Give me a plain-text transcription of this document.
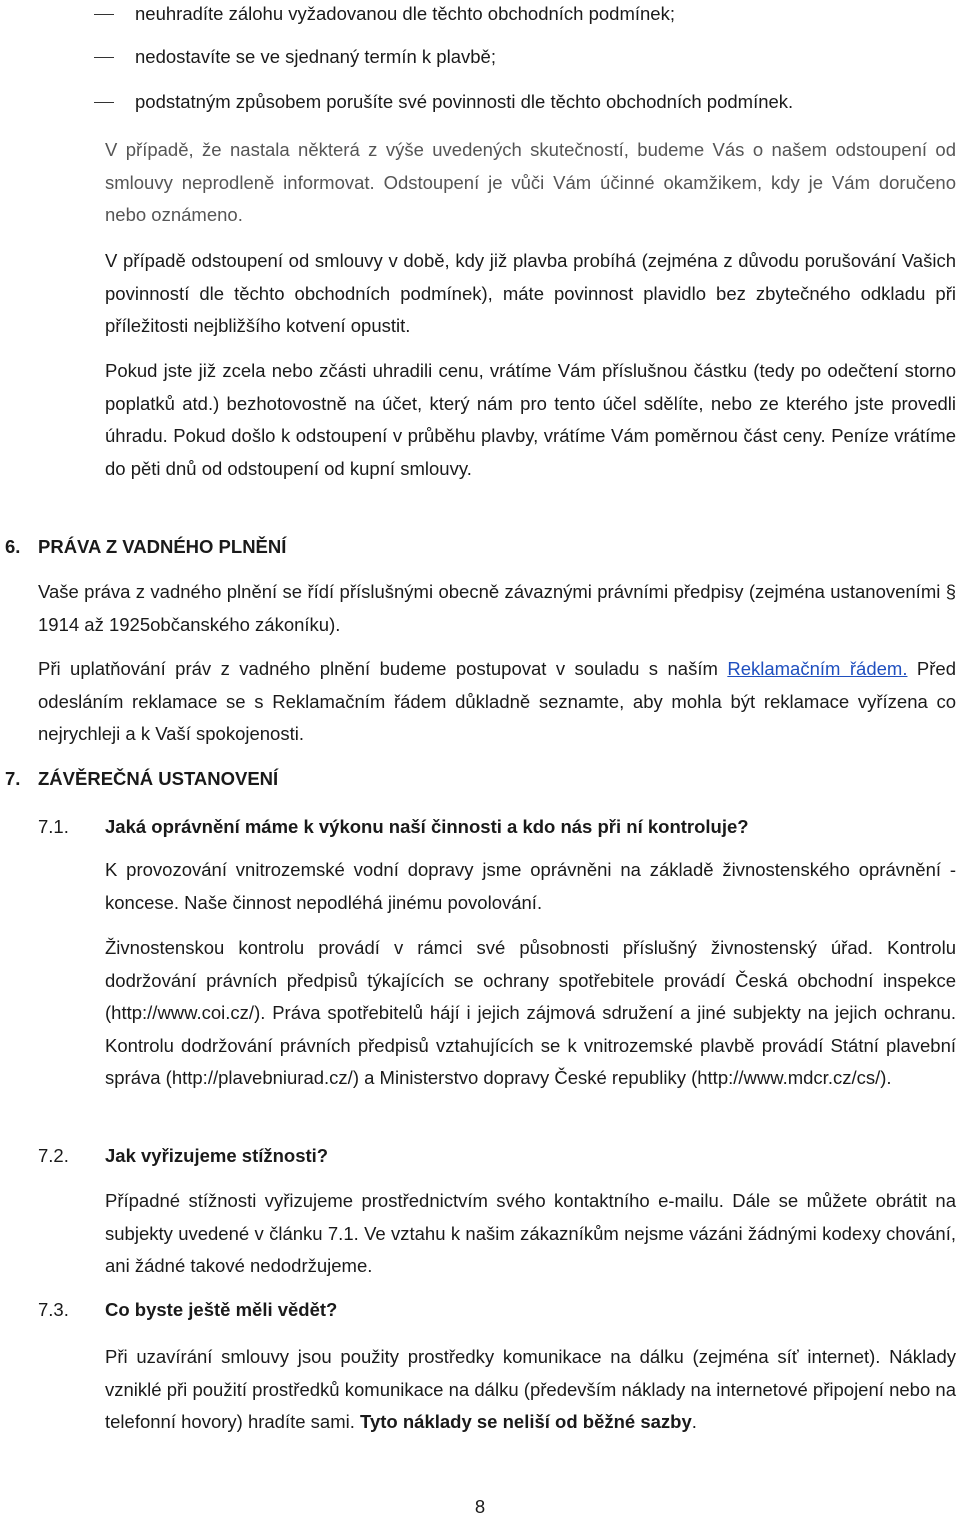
neuhradíte zálohu vyžadovanou dle těchto obchodních podmínek;
nedostavíte se ve sjednaný termín k plavbě;
podstatným způsobem porušíte své povinnosti dle těchto obchodních podmínek.
V případě, že nastala některá z výše uvedených skutečností, budeme Vás o našem odstoupení od smlouvy neprodleně informovat. Odstoupení je vůči Vám účinné okamžikem, kdy je Vám doručeno nebo oznámeno.
V případě odstoupení od smlouvy v době, kdy již plavba probíhá (zejména z důvodu porušování Vašich povinností dle těchto obchodních podmínek), máte povinnost plavidlo bez zbytečného odkladu při příležitosti nejbližšího kotvení opustit.
Pokud jste již zcela nebo zčásti uhradili cenu, vrátíme Vám příslušnou částku (tedy po odečtení storno poplatků atd.) bezhotovostně na účet, který nám pro tento účel sdělíte, nebo ze kterého jste provedli úhradu. Pokud došlo k odstoupení v průběhu plavby, vrátíme Vám poměrnou část ceny. Peníze vrátíme do pěti dnů od odstoupení od kupní smlouvy.
6. PRÁVA Z VADNÉHO PLNĚNÍ
Vaše práva z vadného plnění se řídí příslušnými obecně závaznými právními předpisy (zejména ustanoveními § 1914 až 1925občanského zákoníku).
Při uplatňování práv z vadného plnění budeme postupovat v souladu s naším Reklamačním řádem. Před odesláním reklamace se s Reklamačním řádem důkladně seznamte, aby mohla být reklamace vyřízena co nejrychleji a k Vaší spokojenosti.
7. ZÁVĚREČNÁ USTANOVENÍ
7.1. Jaká oprávnění máme k výkonu naší činnosti a kdo nás při ní kontroluje?
K provozování vnitrozemské vodní dopravy jsme oprávněni na základě živnostenského oprávnění - koncese. Naše činnost nepodléhá jinému povolování.
Živnostenskou kontrolu provádí v rámci své působnosti příslušný živnostenský úřad. Kontrolu dodržování právních předpisů týkajících se ochrany spotřebitele provádí Česká obchodní inspekce (http://www.coi.cz/). Práva spotřebitelů hájí i jejich zájmová sdružení a jiné subjekty na jejich ochranu. Kontrolu dodržování právních předpisů vztahujících se k vnitrozemské plavbě provádí Státní plavební správa (http://plavebniurad.cz/) a Ministerstvo dopravy České republiky (http://www.mdcr.cz/cs/).
7.2. Jak vyřizujeme stížnosti?
Případné stížnosti vyřizujeme prostřednictvím svého kontaktního e-mailu. Dále se můžete obrátit na subjekty uvedené v článku 7.1. Ve vztahu k našim zákazníkům nejsme vázáni žádnými kodexy chování, ani žádné takové nedodržujeme.
7.3. Co byste ještě měli vědět?
Při uzavírání smlouvy jsou použity prostředky komunikace na dálku (zejména síť internet). Náklady vzniklé při použití prostředků komunikace na dálku (především náklady na internetové připojení nebo na telefonní hovory) hradíte sami. Tyto náklady se neliší od běžné sazby.
8
